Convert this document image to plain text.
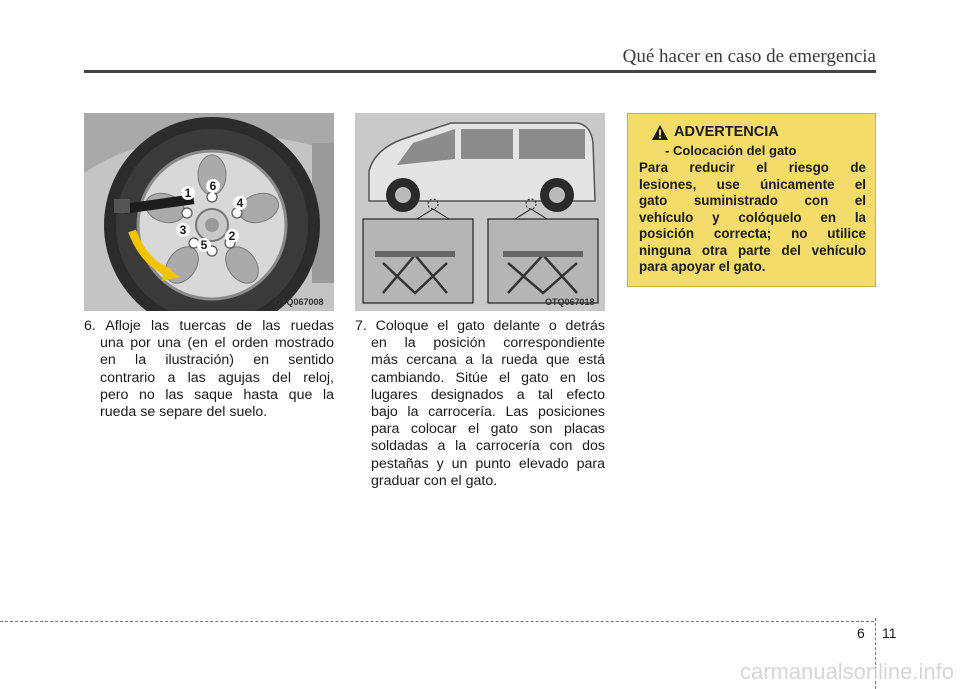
Qué hacer en caso de emergencia
1	6
4
3	2
5
OTQ067008	OTQ067018
6. Afloje las tuercas de las ruedas
una por una (en el orden mostrado
en la ilustración) en sentido
contrario a las agujas del reloj,
pero no las saque hasta que la
rueda se separe del suelo.
7. Coloque el gato delante o detrás
en la posición correspondiente
más cercana a la rueda que está
cambiando. Sitúe el gato en los
lugares designados a tal efecto
bajo la carrocería. Las posiciones
para colocar el gato son placas
soldadas a la carrocería con dos
pestañas y un punto elevado para
graduar con el gato.
ADVERTENCIA
- Colocación del gato
Para reducir el riesgo de
lesiones, use únicamente el
gato suministrado con el
vehículo y colóquelo en la
posición correcta; no utilice
ninguna otra parte del vehículo
para apoyar el gato.
6 11
carmanualsonline.info
